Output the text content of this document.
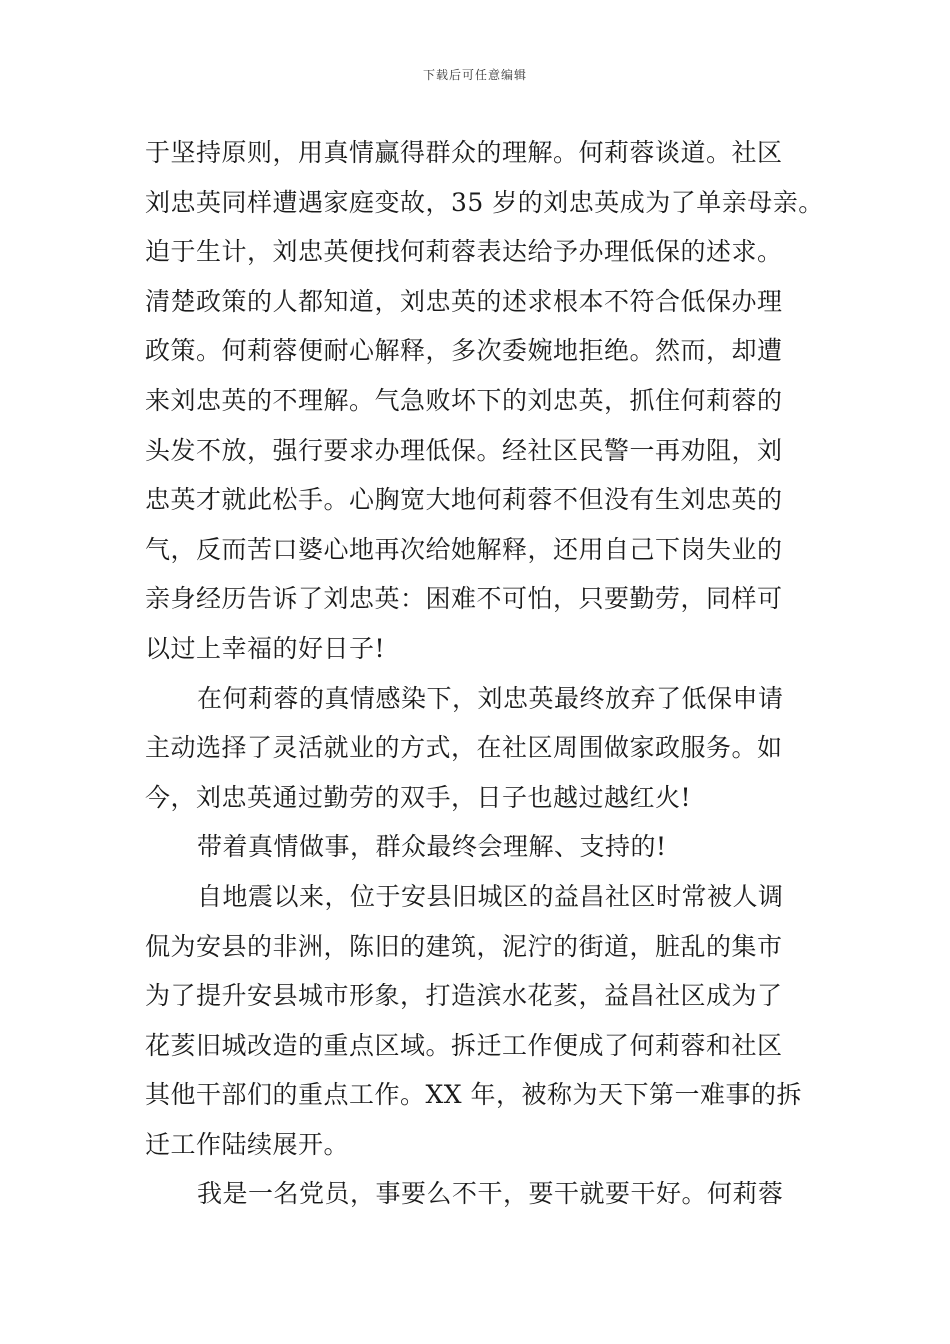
下载后可任意编辑
于坚持原则，用真情赢得群众的理解。何莉蓉谈道。社区
刘忠英同样遭遇家庭变故，35 岁的刘忠英成为了单亲母亲。
迫于生计，刘忠英便找何莉蓉表达给予办理低保的述求。
清楚政策的人都知道，刘忠英的述求根本不符合低保办理
政策。何莉蓉便耐心解释，多次委婉地拒绝。然而，却遭
来刘忠英的不理解。气急败坏下的刘忠英，抓住何莉蓉的
头发不放，强行要求办理低保。经社区民警一再劝阻，刘
忠英才就此松手。心胸宽大地何莉蓉不但没有生刘忠英的
气，反而苦口婆心地再次给她解释，还用自己下岗失业的
亲身经历告诉了刘忠英：困难不可怕，只要勤劳，同样可
以过上幸福的好日子!
在何莉蓉的真情感染下，刘忠英最终放弃了低保申请
主动选择了灵活就业的方式，在社区周围做家政服务。如
今，刘忠英通过勤劳的双手，日子也越过越红火!
带着真情做事，群众最终会理解、支持的!
自地震以来，位于安县旧城区的益昌社区时常被人调
侃为安县的非洲，陈旧的建筑，泥泞的街道，脏乱的集市
为了提升安县城市形象，打造滨水花荄，益昌社区成为了
花荄旧城改造的重点区域。拆迁工作便成了何莉蓉和社区
其他干部们的重点工作。XX 年，被称为天下第一难事的拆
迁工作陆续展开。
我是一名党员，事要么不干，要干就要干好。何莉蓉
